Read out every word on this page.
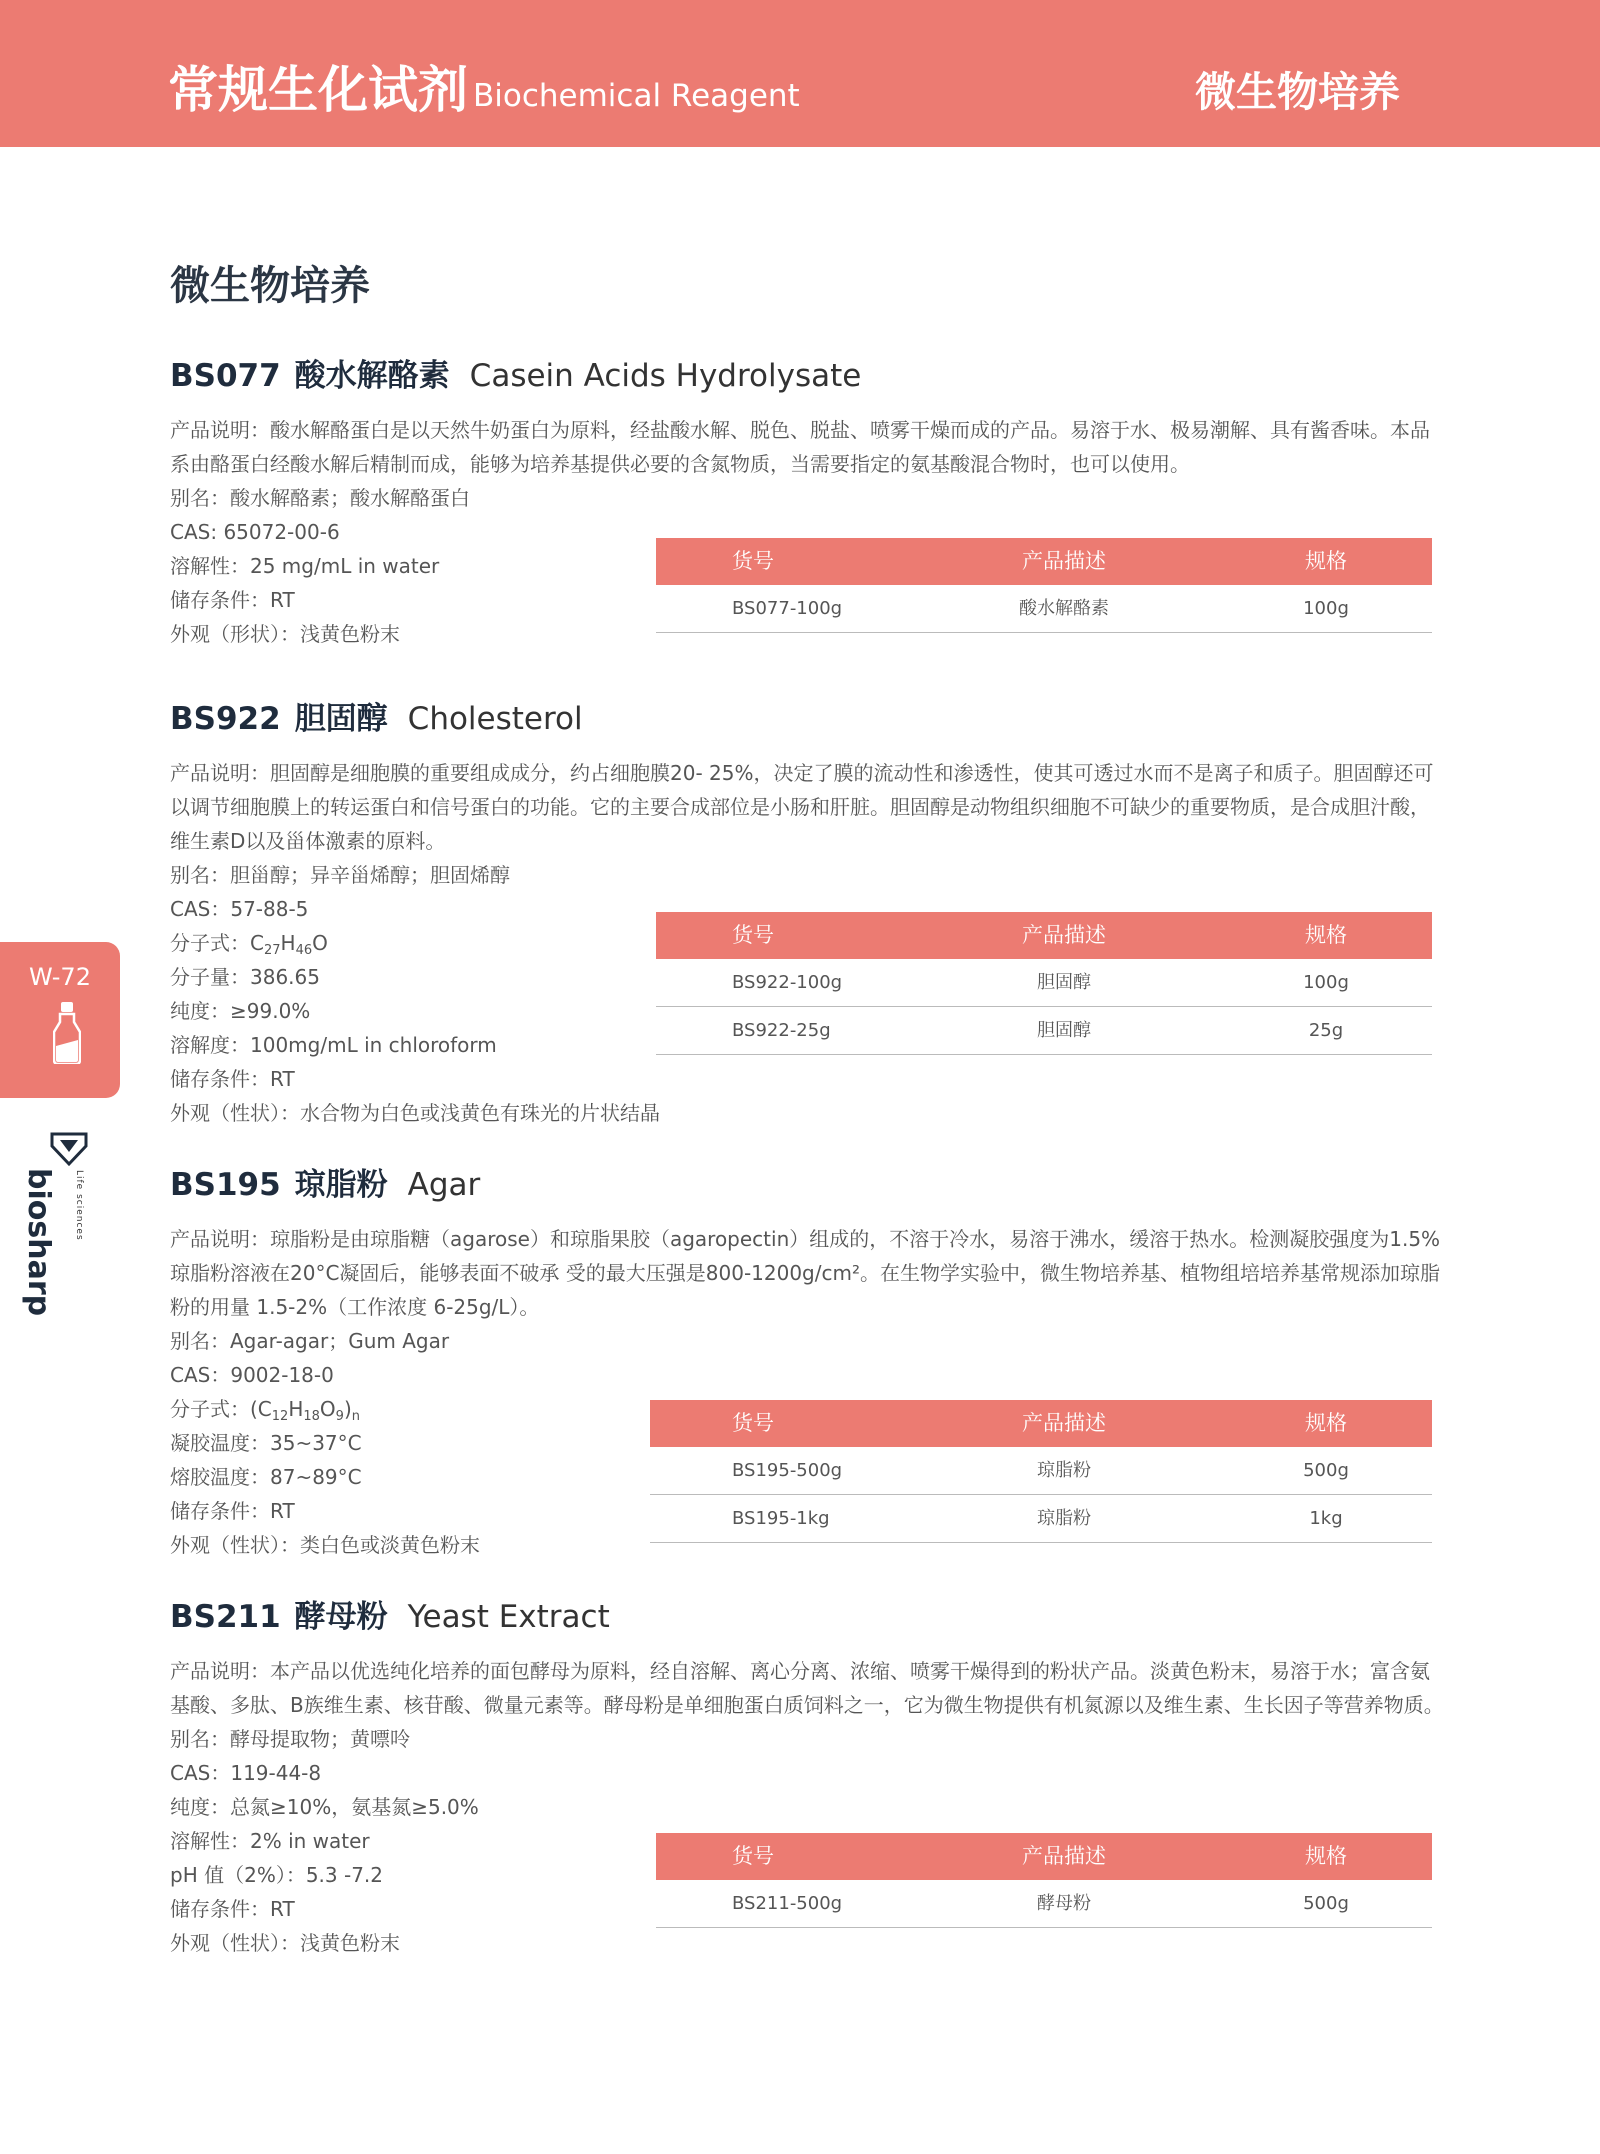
常规生化试剂 Biochemical Reagent	微生物培养
微生物培养
W-72
biosharp Life sciences
BS077 酸水解酪素 Casein Acids Hydrolysate
产品说明：酸水解酪蛋白是以天然牛奶蛋白为原料，经盐酸水解、脱色、脱盐、喷雾干燥而成的产品。易溶于水、极易潮解、具有酱香味。本品系由酪蛋白经酸水解后精制而成，能够为培养基提供必要的含氮物质，当需要指定的氨基酸混合物时，也可以使用。
别名：酸水解酪素；酸水解酪蛋白
CAS: 65072-00-6
溶解性：25 mg/mL in water
储存条件：RT
外观（形状）：浅黄色粉末
货号	产品描述	规格
BS077-100g	酸水解酪素	100g
BS922 胆固醇 Cholesterol
产品说明：胆固醇是细胞膜的重要组成成分，约占细胞膜20- 25%，决定了膜的流动性和渗透性，使其可透过水而不是离子和质子。胆固醇还可以调节细胞膜上的转运蛋白和信号蛋白的功能。它的主要合成部位是小肠和肝脏。胆固醇是动物组织细胞不可缺少的重要物质，是合成胆汁酸，维生素D以及甾体激素的原料。
别名：胆甾醇；异辛甾烯醇；胆固烯醇
CAS：57-88-5
分子式：$C_{27}H_{46}O$
分子量：386.65
纯度：≥99.0%
溶解度：100mg/mL in chloroform
储存条件：RT
外观（性状）：水合物为白色或浅黄色有珠光的片状结晶
货号	产品描述	规格
BS922-100g	胆固醇	100g
BS922-25g	胆固醇	25g
BS195 琼脂粉 Agar
产品说明：琼脂粉是由琼脂糖（agarose）和琼脂果胶（agaropectin）组成的，不溶于冷水，易溶于沸水，缓溶于热水。检测凝胶强度为1.5%琼脂粉溶液在20°C凝固后，能够表面不破承 受的最大压强是800-1200g/cm²。在生物学实验中，微生物培养基、植物组培培养基常规添加琼脂粉的用量 1.5-2%（工作浓度 6-25g/L）。
别名：Agar-agar；Gum Agar
CAS：9002-18-0
分子式：$(C_{12}H_{18}O_9)_n$
凝胶温度：35~37°C
熔胶温度：87~89°C
储存条件：RT
外观（性状）：类白色或淡黄色粉末
货号	产品描述	规格
BS195-500g	琼脂粉	500g
BS195-1kg	琼脂粉	1kg
BS211 酵母粉 Yeast Extract
产品说明：本产品以优选纯化培养的面包酵母为原料，经自溶解、离心分离、浓缩、喷雾干燥得到的粉状产品。淡黄色粉末，易溶于水；富含氨基酸、多肽、B族维生素、核苷酸、微量元素等。酵母粉是单细胞蛋白质饲料之一，它为微生物提供有机氮源以及维生素、生长因子等营养物质。
别名：酵母提取物；黄嘌呤
CAS：119-44-8
纯度：总氮≥10%，氨基氮≥5.0%
溶解性：2% in water
pH 值（2%）：5.3 -7.2
储存条件：RT
外观（性状）：浅黄色粉末
货号	产品描述	规格
BS211-500g	酵母粉	500g
